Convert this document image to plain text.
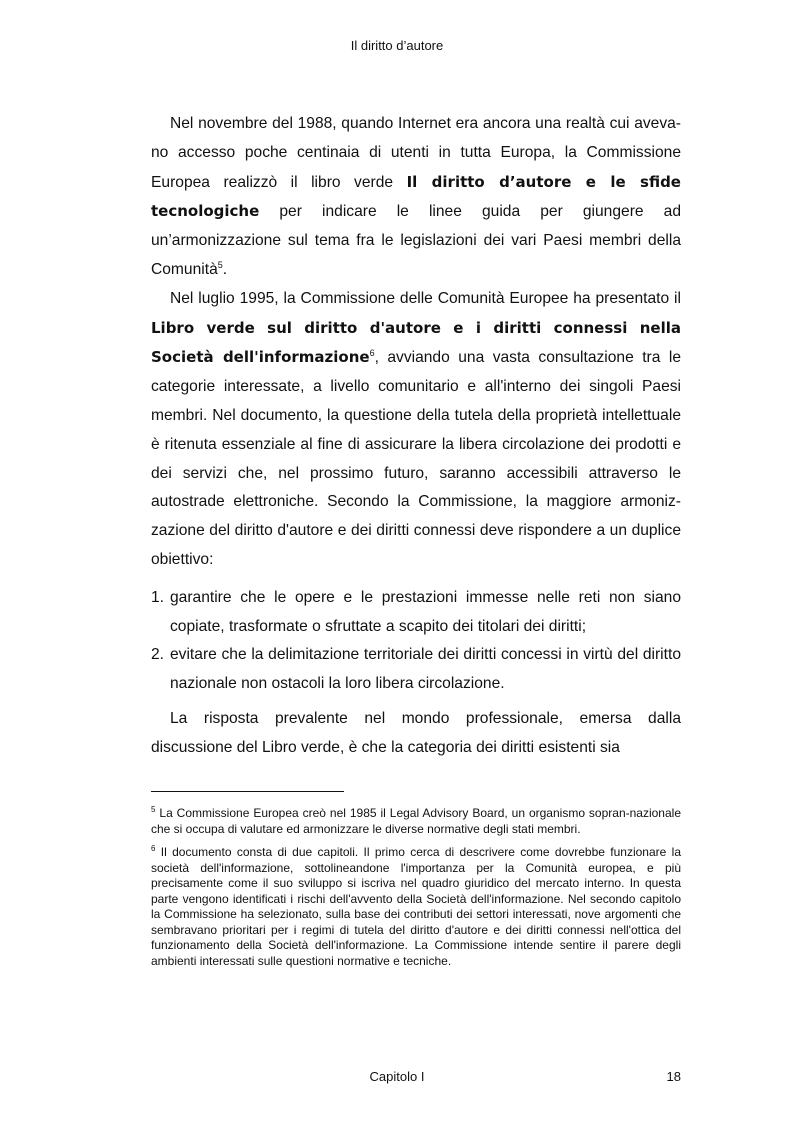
Il diritto d’autore

Nel novembre del 1988, quando Internet era ancora una realtà cui aveva-no accesso poche centinaia di utenti in tutta Europa, la Commissione Europea realizzò il libro verde Il diritto d’autore e le sfide tecnologiche per indicare le linee guida per giungere ad un’armonizzazione sul tema fra le legislazioni dei vari Paesi membri della Comunità$^5$.

Nel luglio 1995, la Commissione delle Comunità Europee ha presentato il Libro verde sul diritto d'autore e i diritti connessi nella Società dell'informazione$^6$, avviando una vasta consultazione tra le categorie interessate, a livello comunitario e all'interno dei singoli Paesi membri. Nel documento, la questione della tutela della proprietà intellettuale è ritenuta essenziale al fine di assicurare la libera circolazione dei prodotti e dei servizi che, nel prossimo futuro, saranno accessibili attraverso le autostrade elettroniche. Secondo la Commissione, la maggiore armoniz-zazione del diritto d'autore e dei diritti connessi deve rispondere a un duplice obiettivo:

1. garantire che le opere e le prestazioni immesse nelle reti non siano copiate, trasformate o sfruttate a scapito dei titolari dei diritti;
2. evitare che la delimitazione territoriale dei diritti concessi in virtù del diritto nazionale non ostacoli la loro libera circolazione.

La risposta prevalente nel mondo professionale, emersa dalla discussione del Libro verde, è che la categoria dei diritti esistenti sia

$^5$ La Commissione Europea creò nel 1985 il Legal Advisory Board, un organismo sopran-nazionale che si occupa di valutare ed armonizzare le diverse normative degli stati membri.

$^6$ Il documento consta di due capitoli. Il primo cerca di descrivere come dovrebbe funzionare la società dell'informazione, sottolineandone l'importanza per la Comunità europea, e più precisamente come il suo sviluppo si iscriva nel quadro giuridico del mercato interno. In questa parte vengono identificati i rischi dell'avvento della Società dell'informazione. Nel secondo capitolo la Commissione ha selezionato, sulla base dei contributi dei settori interessati, nove argomenti che sembravano prioritari per i regimi di tutela del diritto d'autore e dei diritti connessi nell'ottica del funzionamento della Società dell'informazione. La Commissione intende sentire il parere degli ambienti interessati sulle questioni normative e tecniche.

Capitolo I	18
